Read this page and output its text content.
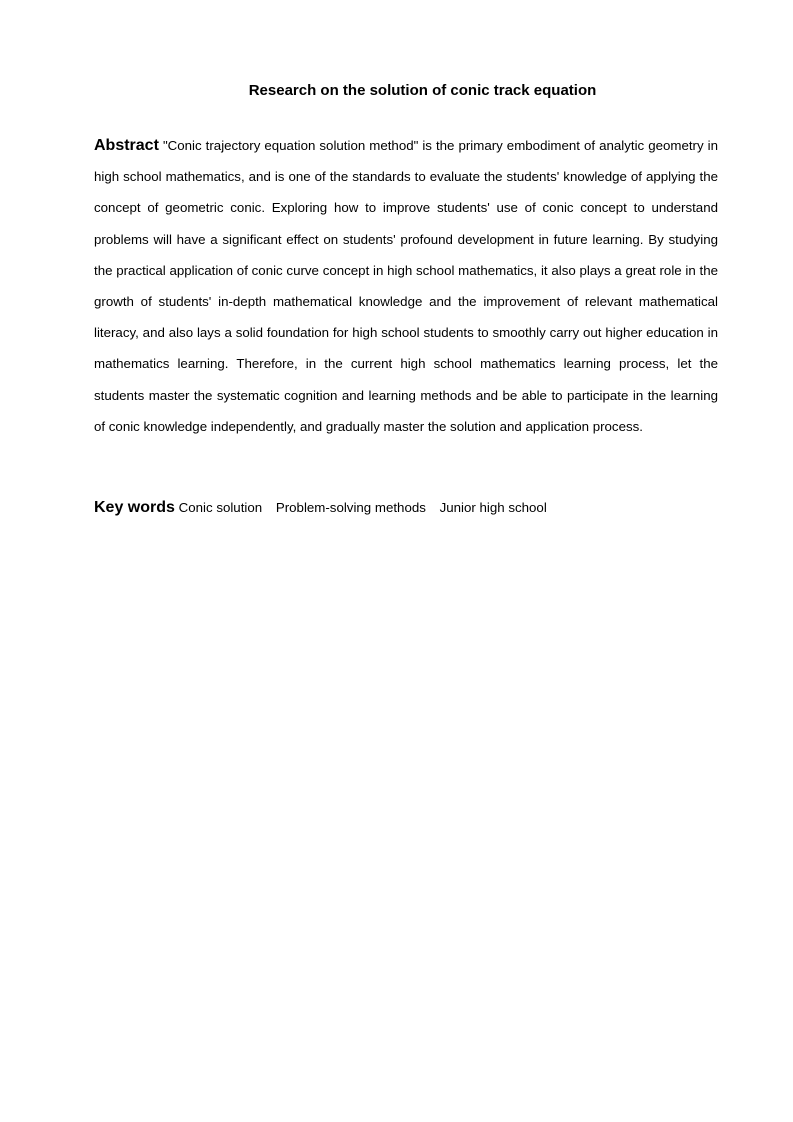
Research on the solution of conic track equation

Abstract "Conic trajectory equation solution method" is the primary embodiment of analytic geometry in high school mathematics, and is one of the standards to evaluate the students' knowledge of applying the concept of geometric conic. Exploring how to improve students' use of conic concept to understand problems will have a significant effect on students' profound development in future learning. By studying the practical application of conic curve concept in high school mathematics, it also plays a great role in the growth of students' in-depth mathematical knowledge and the improvement of relevant mathematical literacy, and also lays a solid foundation for high school students to smoothly carry out higher education in mathematics learning. Therefore, in the current high school mathematics learning process, let the students master the systematic cognition and learning methods and be able to participate in the learning of conic knowledge independently, and gradually master the solution and application process.

Key words Conic solution Problem-solving methods Junior high school
